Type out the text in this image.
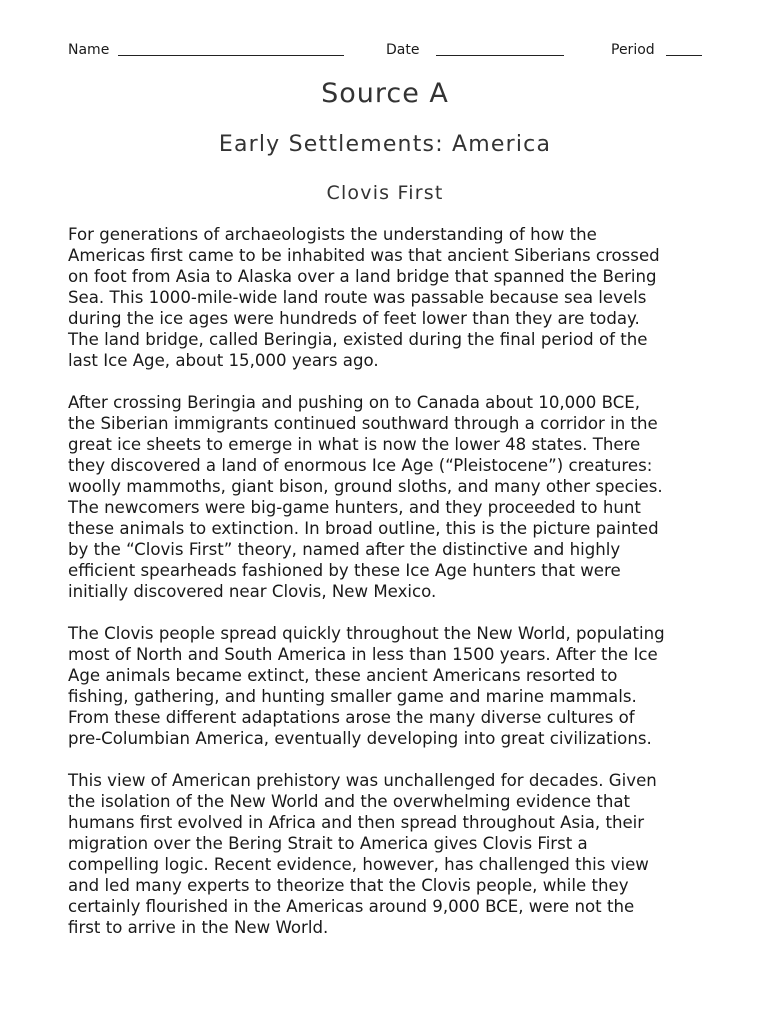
Name	Date	Period
Source A
Early Settlements: America
Clovis First

For generations of archaeologists the understanding of how the
Americas first came to be inhabited was that ancient Siberians crossed
on foot from Asia to Alaska over a land bridge that spanned the Bering
Sea. This 1000-mile-wide land route was passable because sea levels
during the ice ages were hundreds of feet lower than they are today.
The land bridge, called Beringia, existed during the final period of the
last Ice Age, about 15,000 years ago.

After crossing Beringia and pushing on to Canada about 10,000 BCE,
the Siberian immigrants continued southward through a corridor in the
great ice sheets to emerge in what is now the lower 48 states. There
they discovered a land of enormous Ice Age (“Pleistocene”) creatures:
woolly mammoths, giant bison, ground sloths, and many other species.
The newcomers were big-game hunters, and they proceeded to hunt
these animals to extinction. In broad outline, this is the picture painted
by the “Clovis First” theory, named after the distinctive and highly
efficient spearheads fashioned by these Ice Age hunters that were
initially discovered near Clovis, New Mexico.

The Clovis people spread quickly throughout the New World, populating
most of North and South America in less than 1500 years. After the Ice
Age animals became extinct, these ancient Americans resorted to
fishing, gathering, and hunting smaller game and marine mammals.
From these different adaptations arose the many diverse cultures of
pre-Columbian America, eventually developing into great civilizations.

This view of American prehistory was unchallenged for decades. Given
the isolation of the New World and the overwhelming evidence that
humans first evolved in Africa and then spread throughout Asia, their
migration over the Bering Strait to America gives Clovis First a
compelling logic. Recent evidence, however, has challenged this view
and led many experts to theorize that the Clovis people, while they
certainly flourished in the Americas around 9,000 BCE, were not the
first to arrive in the New World.
